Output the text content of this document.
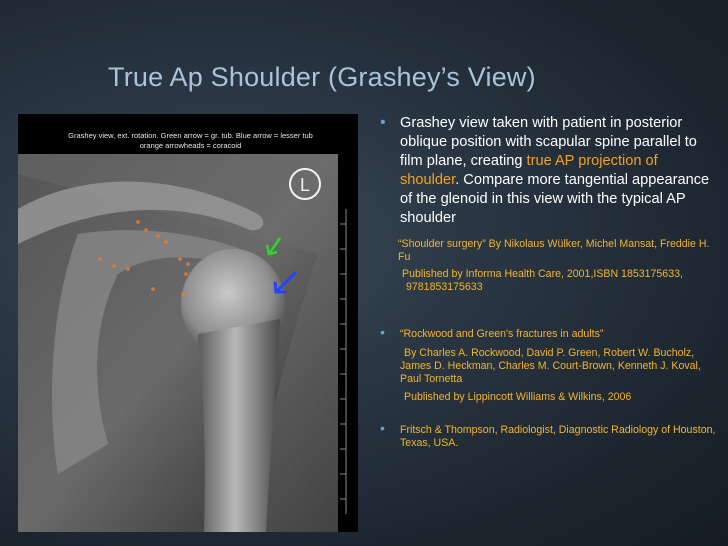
True Ap Shoulder (Grashey’s View)
L
Grashey view, ext. rotation. Green arrow = gr. tub. Blue arrow = lesser tub
orange arrowheads = coracoid
• Grashey view taken with patient in posterior oblique position with scapular spine parallel to film plane, creating true AP projection of shoulder. Compare more tangential appearance of the glenoid in this view with the typical AP shoulder

“Shoulder surgery” By Nikolaus Wülker, Michel Mansat, Freddie H. Fu

Published by Informa Health Care, 2001,ISBN 1853175633, 9781853175633

• “Rockwood and Green's fractures in adults”

By Charles A. Rockwood, David P. Green, Robert W. Bucholz, James D. Heckman, Charles M. Court-Brown, Kenneth J. Koval, Paul Tornetta

Published by Lippincott Williams & Wilkins, 2006

• Fritsch & Thompson, Radiologist, Diagnostic Radiology of Houston, Texas, USA.
